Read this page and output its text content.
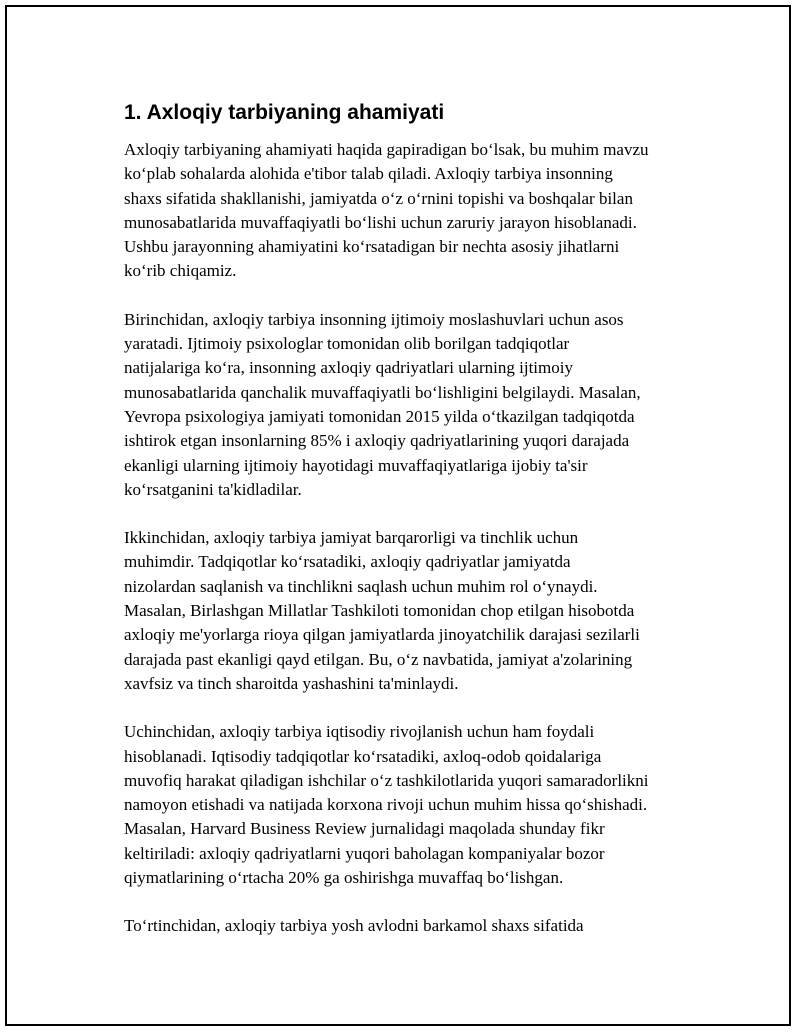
1. Axloqiy tarbiyaning ahamiyati

Axloqiy tarbiyaning ahamiyati haqida gapiradigan bo‘lsak, bu muhim mavzu
ko‘plab sohalarda alohida e'tibor talab qiladi. Axloqiy tarbiya insonning
shaxs sifatida shakllanishi, jamiyatda o‘z o‘rnini topishi va boshqalar bilan
munosabatlarida muvaffaqiyatli bo‘lishi uchun zaruriy jarayon hisoblanadi.
Ushbu jarayonning ahamiyatini ko‘rsatadigan bir nechta asosiy jihatlarni
ko‘rib chiqamiz.

Birinchidan, axloqiy tarbiya insonning ijtimoiy moslashuvlari uchun asos
yaratadi. Ijtimoiy psixologlar tomonidan olib borilgan tadqiqotlar
natijalariga ko‘ra, insonning axloqiy qadriyatlari ularning ijtimoiy
munosabatlarida qanchalik muvaffaqiyatli bo‘lishligini belgilaydi. Masalan,
Yevropa psixologiya jamiyati tomonidan 2015 yilda o‘tkazilgan tadqiqotda
ishtirok etgan insonlarning 85% i axloqiy qadriyatlarining yuqori darajada
ekanligi ularning ijtimoiy hayotidagi muvaffaqiyatlariga ijobiy ta'sir
ko‘rsatganini ta'kidladilar.

Ikkinchidan, axloqiy tarbiya jamiyat barqarorligi va tinchlik uchun
muhimdir. Tadqiqotlar ko‘rsatadiki, axloqiy qadriyatlar jamiyatda
nizolardan saqlanish va tinchlikni saqlash uchun muhim rol o‘ynaydi.
Masalan, Birlashgan Millatlar Tashkiloti tomonidan chop etilgan hisobotda
axloqiy me'yorlarga rioya qilgan jamiyatlarda jinoyatchilik darajasi sezilarli
darajada past ekanligi qayd etilgan. Bu, o‘z navbatida, jamiyat a'zolarining
xavfsiz va tinch sharoitda yashashini ta'minlaydi.

Uchinchidan, axloqiy tarbiya iqtisodiy rivojlanish uchun ham foydali
hisoblanadi. Iqtisodiy tadqiqotlar ko‘rsatadiki, axloq-odob qoidalariga
muvofiq harakat qiladigan ishchilar o‘z tashkilotlarida yuqori samaradorlikni
namoyon etishadi va natijada korxona rivoji uchun muhim hissa qo‘shishadi.
Masalan, Harvard Business Review jurnalidagi maqolada shunday fikr
keltiriladi: axloqiy qadriyatlarni yuqori baholagan kompaniyalar bozor
qiymatlarining o‘rtacha 20% ga oshirishga muvaffaq bo‘lishgan.

To‘rtinchidan, axloqiy tarbiya yosh avlodni barkamol shaxs sifatida
